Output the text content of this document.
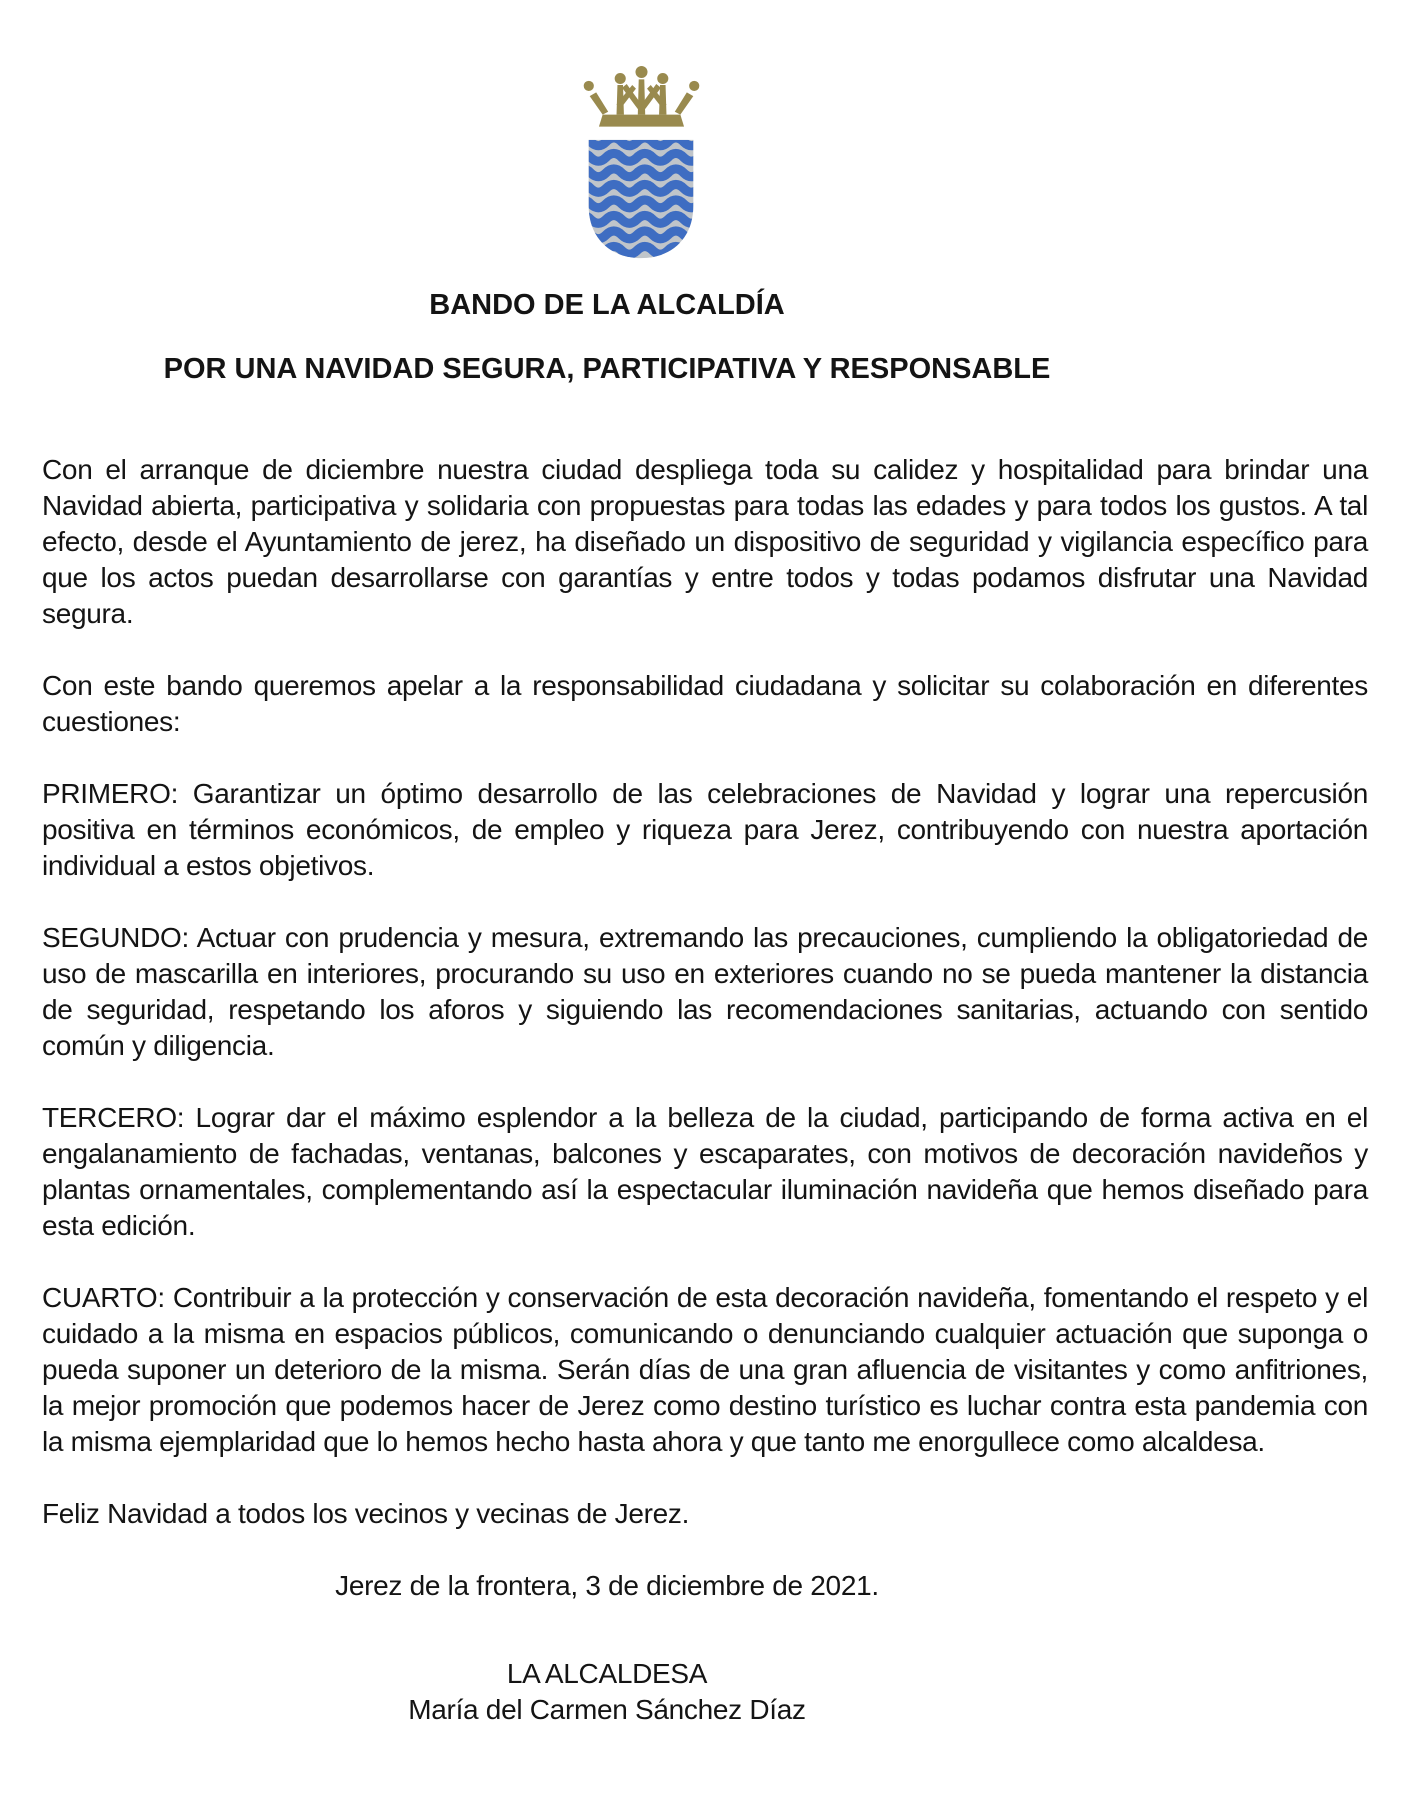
BANDO DE LA ALCALDÍA
POR UNA NAVIDAD SEGURA, PARTICIPATIVA Y RESPONSABLE

Con el arranque de diciembre nuestra ciudad despliega toda su calidez y hospitalidad para brindar una Navidad abierta, participativa y solidaria con propuestas para todas las edades y para todos los gustos. A tal efecto, desde el Ayuntamiento de jerez, ha diseñado un dispositivo de seguridad y vigilancia específico para que los actos puedan desarrollarse con garantías y entre todos y todas podamos disfrutar una Navidad segura.

Con este bando queremos apelar a la responsabilidad ciudadana y solicitar su colaboración en diferentes cuestiones:

PRIMERO: Garantizar un óptimo desarrollo de las celebraciones de Navidad y lograr una repercusión positiva en términos económicos, de empleo y riqueza para Jerez, contribuyendo con nuestra aportación individual a estos objetivos.

SEGUNDO: Actuar con prudencia y mesura, extremando las precauciones, cumpliendo la obligatoriedad de uso de mascarilla en interiores, procurando su uso en exteriores cuando no se pueda mantener la distancia de seguridad, respetando los aforos y siguiendo las recomendaciones sanitarias, actuando con sentido común y diligencia.

TERCERO: Lograr dar el máximo esplendor a la belleza de la ciudad, participando de forma activa en el engalanamiento de fachadas, ventanas, balcones y escaparates, con motivos de decoración navideños y plantas ornamentales, complementando así la espectacular iluminación navideña que hemos diseñado para esta edición.

CUARTO: Contribuir a la protección y conservación de esta decoración navideña, fomentando el respeto y el cuidado a la misma en espacios públicos, comunicando o denunciando cualquier actuación que suponga o pueda suponer un deterioro de la misma. Serán días de una gran afluencia de visitantes y como anfitriones, la mejor promoción que podemos hacer de Jerez como destino turístico es luchar contra esta pandemia con la misma ejemplaridad que lo hemos hecho hasta ahora y que tanto me enorgullece como alcaldesa.

Feliz Navidad a todos los vecinos y vecinas de Jerez.

Jerez de la frontera, 3 de diciembre de 2021.

LA ALCALDESA

María del Carmen Sánchez Díaz
